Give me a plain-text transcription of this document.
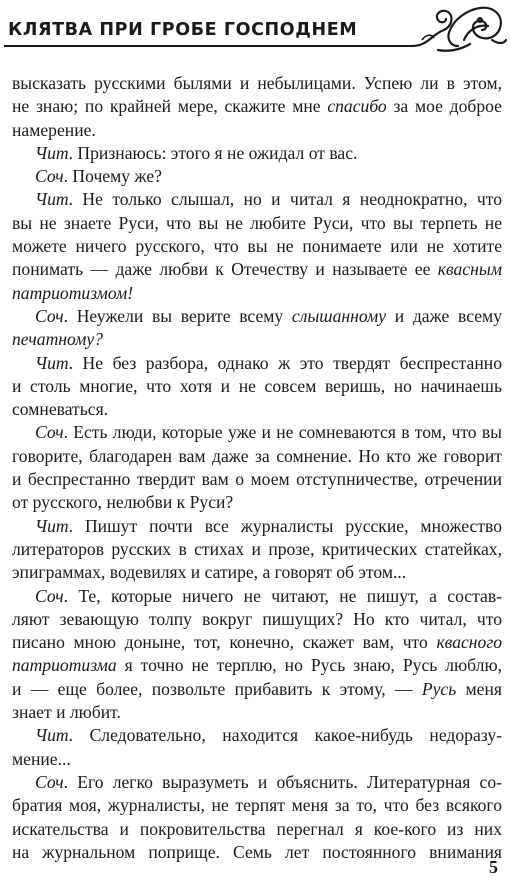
КЛЯТВА ПРИ ГРОБЕ ГОСПОДНЕМ
высказать русскими былями и небылицами. Успею ли в этом,
не знаю; по крайней мере, скажите мне спасибо за мое доброе
намерение.
Чит. Признаюсь: этого я не ожидал от вас.
Соч. Почему же?
Чит. Не только слышал, но и читал я неоднократно, что
вы не знаете Руси, что вы не любите Руси, что вы терпеть не
можете ничего русского, что вы не понимаете или не хотите
понимать — даже любви к Отечеству и называете ее квасным
патриотизмом!
Соч. Неужели вы верите всему слышанному и даже всему
печатному?
Чит. Не без разбора, однако ж это твердят беспрестанно
и столь многие, что хотя и не совсем веришь, но начинаешь
сомневаться.
Соч. Есть люди, которые уже и не сомневаются в том, что вы
говорите, благодарен вам даже за сомнение. Но кто же говорит
и беспрестанно твердит вам о моем отступничестве, отречении
от русского, нелюбви к Руси?
Чит. Пишут почти все журналисты русские, множество
литераторов русских в стихах и прозе, критических статейках,
эпиграммах, водевилях и сатире, а говорят об этом...
Соч. Те, которые ничего не читают, не пишут, а состав-
ляют зевающую толпу вокруг пишущих? Но кто читал, что
писано мною доныне, тот, конечно, скажет вам, что квасного
патриотизма я точно не терплю, но Русь знаю, Русь люблю,
и — еще более, позвольте прибавить к этому, — Русь меня
знает и любит.
Чит. Следовательно, находится какое-нибудь недоразу-
мение...
Соч. Его легко выразуметь и объяснить. Литературная со-
братия моя, журналисты, не терпят меня за то, что без всякого
искательства и покровительства перегнал я кое-кого из них
на журнальном поприще. Семь лет постоянного внимания
5
